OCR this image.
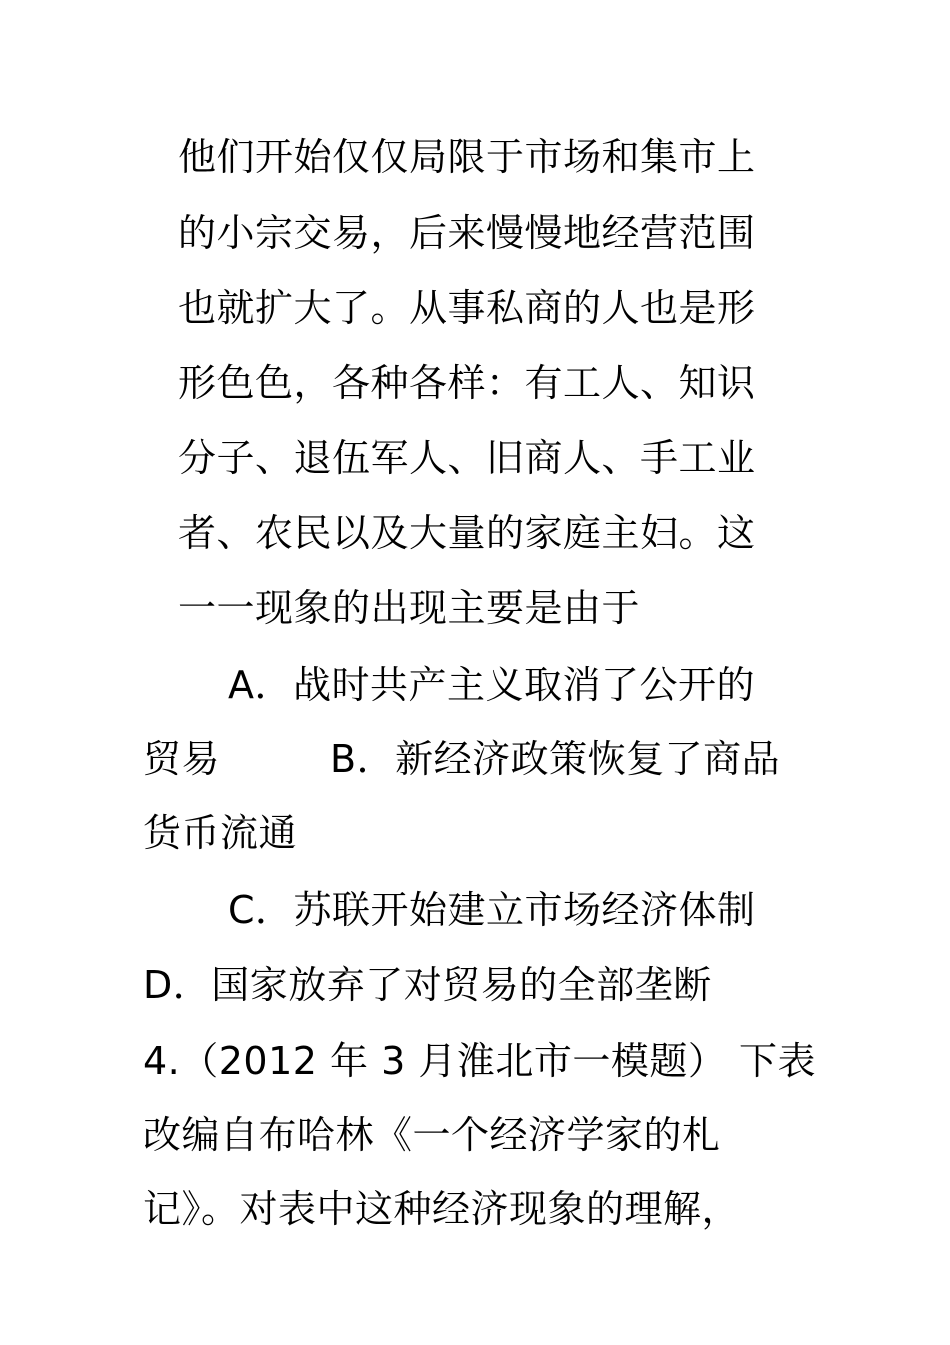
他们开始仅仅局限于市场和集市上
的小宗交易，后来慢慢地经营范围
也就扩大了。从事私商的人也是形
形色色，各种各样：有工人、知识
分子、退伍军人、旧商人、手工业
者、农民以及大量的家庭主妇。这
一一现象的出现主要是由于
A．战时共产主义取消了公开的
贸易	B．新经济政策恢复了商品
货币流通
C．苏联开始建立市场经济体制
D．国家放弃了对贸易的全部垄断
4.（2012 年 3 月淮北市一模题） 下表
改编自布哈林《一个经济学家的札
记》。对表中这种经济现象的理解，
